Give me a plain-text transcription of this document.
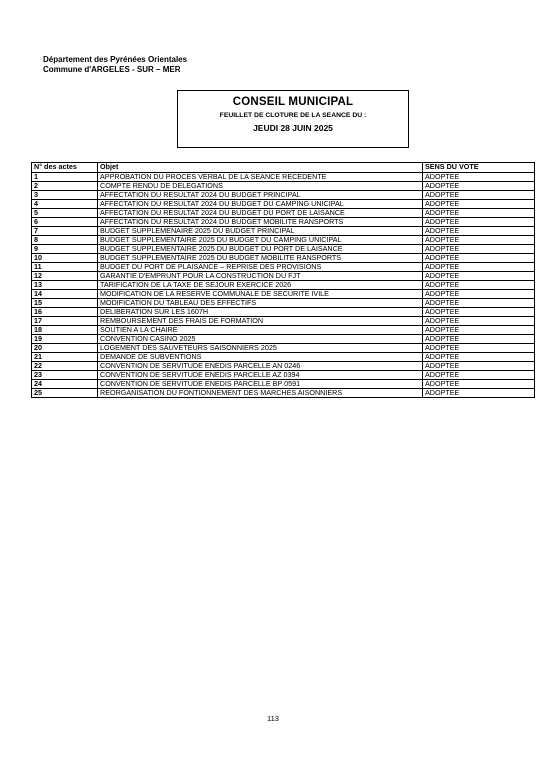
Département des Pyrénées Orientales
Commune d'ARGELES - SUR – MER
CONSEIL MUNICIPAL
FEUILLET DE CLOTURE DE LA SEANCE DU :
JEUDI 28 JUIN 2025
N° des actes	Objet	SENS DU VOTE
1	APPROBATION DU PROCES VERBAL DE LA SEANCE RECEDENTE	ADOPTEE
2	COMPTE RENDU DE DELEGATIONS	ADOPTEE
3	AFFECTATION DU RESULTAT 2024 DU BUDGET PRINCIPAL	ADOPTEE
4	AFFECTATION DU RESULTAT 2024 DU BUDGET DU CAMPING UNICIPAL	ADOPTEE
5	AFFECTATION DU RESULTAT 2024 DU BUDGET DU PORT DE LAISANCE	ADOPTEE
6	AFFECTATION DU RESULTAT 2024 DU BUDGET MOBILITE RANSPORTS	ADOPTEE
7	BUDGET SUPPLEMENAIRE 2025 DU BUDGET PRINCIPAL	ADOPTEE
8	BUDGET SUPPLEMENTAIRE 2025 DU BUDGET DU CAMPING UNICIPAL	ADOPTEE
9	BUDGET SUPPLEMENTAIRE 2025 DU BUDGET DU PORT DE LAISANCE	ADOPTEE
10	BUDGET SUPPLEMENTAIRE 2025 DU BUDGET MOBILITE RANSPORTS	ADOPTEE
11	BUDGET DU PORT DE PLAISANCE – REPRISE DES PROVISIONS	ADOPTEE
12	GARANTIE D'EMPRUNT POUR LA CONSTRUCTION DU FJT	ADOPTEE
13	TARIFICATION DE LA TAXE DE SEJOUR EXERCICE 2026	ADOPTEE
14	MODIFICATION DE LA RESERVE COMMUNALE DE SECURITE IVILE	ADOPTEE
15	MODIFICATION DU TABLEAU DES EFFECTIFS	ADOPTEE
16	DELIBERATION SUR LES 1607H	ADOPTEE
17	REMBOURSEMENT DES FRAIS DE FORMATION	ADOPTEE
18	SOUTIEN A LA CHAIRE	ADOPTEE
19	CONVENTION CASINO 2025	ADOPTEE
20	LOGEMENT DES SAUVETEURS SAISONNIERS 2025	ADOPTEE
21	DEMANDE DE SUBVENTIONS	ADOPTEE
22	CONVENTION DE SERVITUDE ENEDIS PARCELLE AN 0246	ADOPTEE
23	CONVENTION DE SERVITUDE ENEDIS PARCELLE AZ 0394	ADOPTEE
24	CONVENTION DE SERVITUDE ENEDIS PARCELLE BP 0591	ADOPTEE
25	REORGANISATION DU FONTIONNEMENT DES MARCHES AISONNIERS	ADOPTEE
113
